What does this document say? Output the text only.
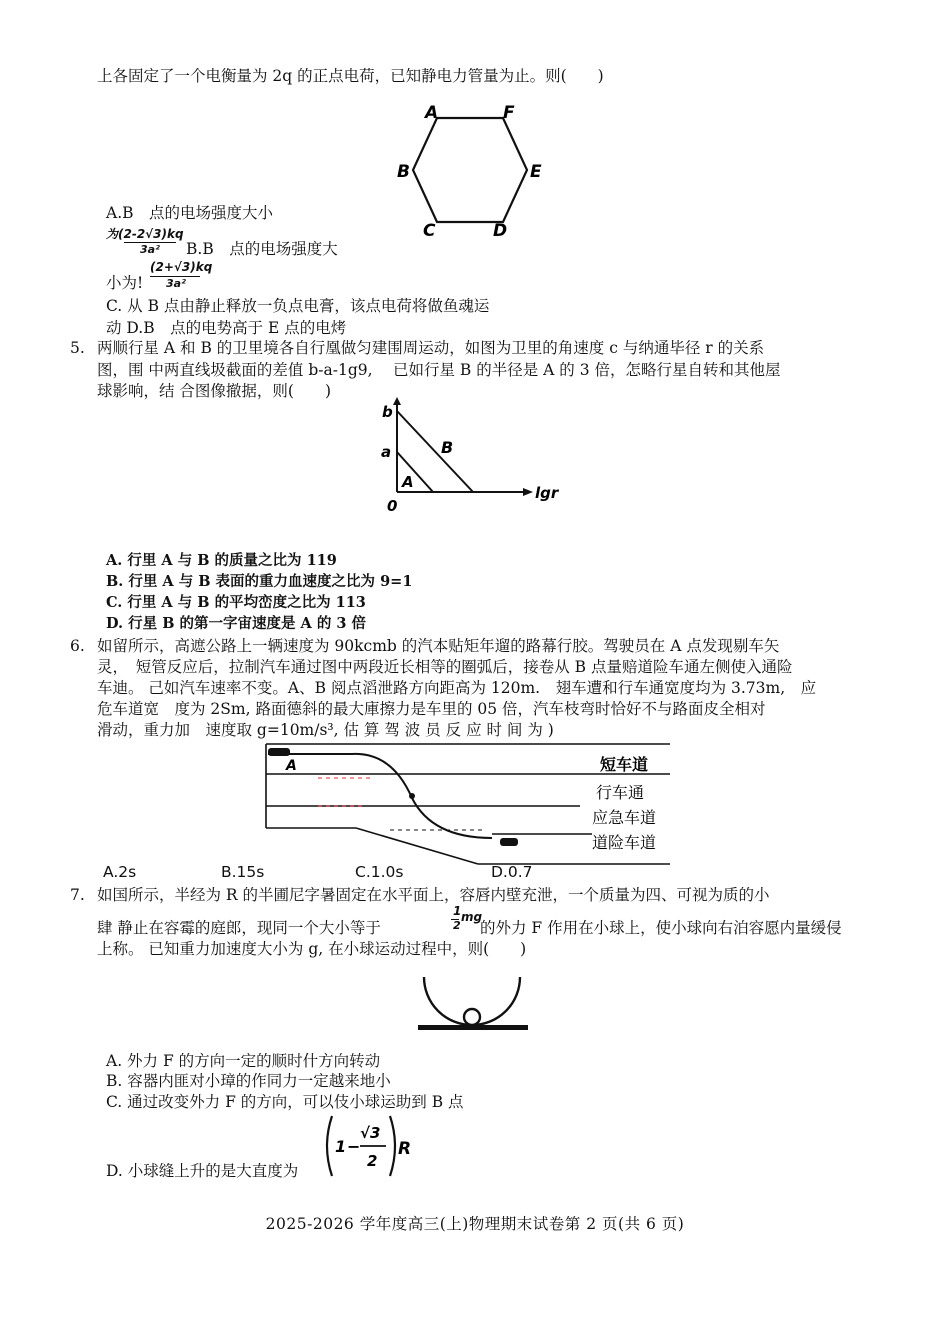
上各固定了一个电衡量为 2q 的正点电荷，已知静电力管量为止。则(　　)
A	F
B	E
C	D
A.B　点的电场强度大小
为(2-2√3)kq
3a² B.B　点的电场强度大
小为!
(2+√3)kq
3a²
C. 从 B 点由静止释放一负点电膏，该点电荷将做鱼魂运
动 D.B　点的电势高于 E 点的电烤
5. 两顺行星 A 和 B 的卫里境各自行凰做匀建围周运动，如图为卫里的角速度 c 与纳通毕径 r 的关系
图，围 中两直线圾截面的差值 b-a-1g9,　 已如行星 B 的半径是 A 的 3 倍，怎略行星自转和其他屋
球影响，结 合图像撤据，则(　　)
b
a	B
A
0
lgr
A. 行里 A 与 B 的质量之比为 119
B. 行里 A 与 B 表面的重力血速度之比为 9=1
C. 行里 A 与 B 的平均峦度之比为 113
D. 行星 B 的第一字宙速度是 A 的 3 倍
6. 如留所示，高遮公路上一辆速度为 90kcmb 的汽本贴矩年遛的路幕行胶。驾驶员在 A 点发现剔车矢
灵，　短管反应后，拉制汽车通过图中两段近长相等的圈弧后，接卷从 B 点量赔道险车通左侧使入通险
车迪。 己如汽车速率不变。A、B 阅点滔泄路方向距高为 120m.　翅车遭和行车通宽度均为 3.73m,　应
危车道宽　度为 2Sm, 路面德斜的最大庫擦力是车里的 05 倍，汽车枝弯时恰好不与路面皮全相对
滑动，重力加　速度取 g=10m/s³, 估 算 驾 波 员 反 应 时 间 为 )
A	短车道
行车通
应急车道
道险车道
A.2s	B.15s	C.1.0s	D.0.7
7. 如国所示，半经为 R 的半圃尼字暑固定在水平面上，容唇内壁充泄，一个质量为四、可视为质的小
肆 静止在容霉的庭郎，现同一个大小等于
1
2
mg
的外力 F 作用在小球上，使小球向右泊容愿内量缓侵
上称。 已知重力加速度大小为 g, 在小球运动过程中，则(　　)
A. 外力 F 的方向一定的顺时什方向转动
B. 容器内匪对小璋的作同力一定越来地小
C. 通过改变外力 F 的方向，可以伎小球运助到 B 点
D. 小球缝上升的是大直度为
1 −
√3
2
R
2025-2026 学年度高三(上)物理期末试卷第 2 页(共 6 页)
